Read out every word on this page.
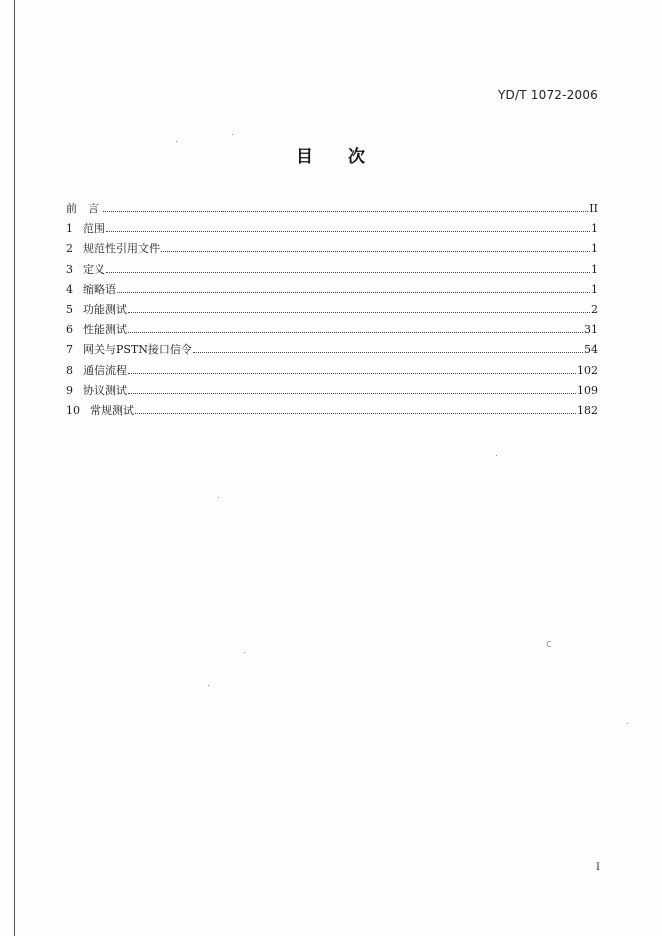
YD/T 1072-2006
目 次
前言	II
1 范围	1
2 规范性引用文件	1
3 定义	1
4 缩略语	1
5 功能测试	2
6 性能测试	31
7 网关与PSTN接口信令	54
8 通信流程	102
9 协议测试	109
10 常规测试	182
ⅽ
I
